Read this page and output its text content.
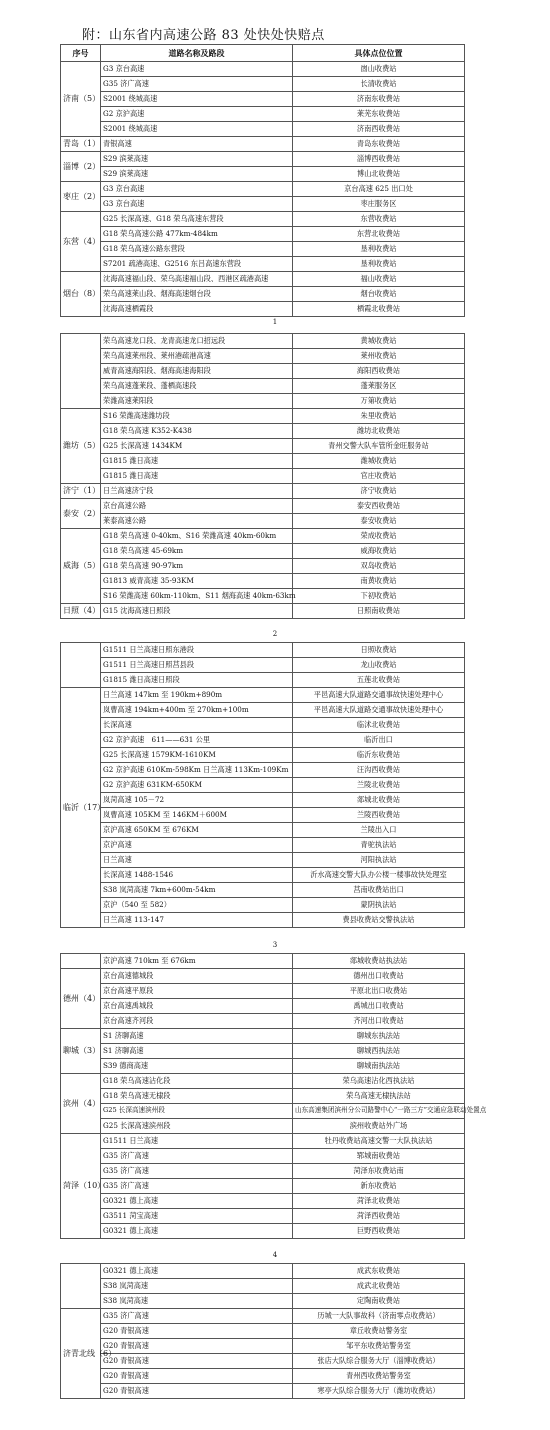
附：山东省内高速公路 83 处快处快赔点
序号	道路名称及路段	具体点位位置
济南（5）	G3 京台高速	崮山收费站
	G35 济广高速	长清收费站
	S2001 绕城高速	济南东收费站
	G2 京沪高速	莱芜东收费站
	S2001 绕城高速	济南西收费站
青岛（1）	青银高速	青岛东收费站
淄博（2）	S29 滨莱高速	淄博西收费站
	S29 滨莱高速	博山北收费站
枣庄（2）	G3 京台高速	京台高速 625 出口处
	G3 京台高速	枣庄服务区
东营（4）	G25 长深高速、G18 荣乌高速东营段	东营收费站
	G18 荣乌高速公路 477km-484km	东营北收费站
	G18 荣乌高速公路东营段	垦利收费站
	S7201 疏港高速、G2516 东吕高速东营段	垦利收费站
烟台（8）	沈海高速福山段、荣乌高速福山段、西港区疏港高速	福山收费站
	荣乌高速莱山段、烟海高速烟台段	烟台收费站
	沈海高速栖霞段	栖霞北收费站
1
	荣乌高速龙口段、龙青高速龙口招远段	黄城收费站
	荣乌高速莱州段、莱州港疏港高速	莱州收费站
	威青高速海阳段、烟海高速海阳段	海阳西收费站
	荣乌高速蓬莱段、蓬栖高速段	蓬莱服务区
	荣潍高速莱阳段	万第收费站
潍坊（5）	S16 荣潍高速潍坊段	朱里收费站
	G18 荣乌高速 K352-K438	潍坊北收费站
	G25 长深高速 1434KM	青州交警大队车管所金旺服务站
	G1815 潍日高速	潍城收费站
	G1815 潍日高速	官庄收费站
济宁（1）	日兰高速济宁段	济宁收费站
泰安（2）	京台高速公路	泰安西收费站
	莱泰高速公路	泰安收费站
威海（5）	G18 荣乌高速 0-40km、S16 荣潍高速 40km-60km	荣成收费站
	G18 荣乌高速 45-69km	威海收费站
	G18 荣乌高速 90-97km	双岛收费站
	G1813 威青高速 35-93KM	南黄收费站
	S16 荣潍高速 60km-110km、S11 烟海高速 40km-63km	下初收费站
日照（4）	G15 沈海高速日照段	日照南收费站
2
	G1511 日兰高速日照东港段	日照收费站
	G1511 日兰高速日照莒县段	龙山收费站
	G1815 潍日高速日照段	五莲北收费站
临沂（17）	日兰高速 147km 至 190km+890m	平邑高速大队道路交通事故快速处理中心
	岚曹高速 194km+400m 至 270km+100m	平邑高速大队道路交通事故快速处理中心
	长深高速	临沭北收费站
	G2 京沪高速　611——631 公里	临沂出口
	G25 长深高速 1579KM-1610KM	临沂东收费站
	G2 京沪高速 610Km-598Km 日兰高速 113Km-109Km	汪沟西收费站
	G2 京沪高速 631KM-650KM	兰陵北收费站
	岚菏高速 105－72	郯城北收费站
	岚曹高速 105KM 至 146KM＋600M	兰陵西收费站
	京沪高速 650KM 至 676KM	兰陵出入口
	京沪高速	青驼执法站
	日兰高速	河阳执法站
	长深高速 1488-1546	沂水高速交警大队办公楼一楼事故快处理室
	S38 岚菏高速 7km+600m-54km	莒南收费站出口
	京沪（540 至 582）	蒙阴执法站
	日兰高速 113-147	费县收费站交警执法站
3
	京沪高速 710km 至 676km	郯城收费站执法站
德州（4）	京台高速德城段	德州出口收费站
	京台高速平原段	平原北出口收费站
	京台高速禹城段	禹城出口收费站
	京台高速齐河段	齐河出口收费站
聊城（3）	S1 济聊高速	聊城东执法站
	S1 济聊高速	聊城西执法站
	S39 德商高速	聊城南执法站
滨州（4）	G18 荣乌高速沾化段	荣乌高速沾化西执法站
	G18 荣乌高速无棣段	荣乌高速无棣执法站
	G25 长深高速滨州段	山东高速集团滨州分公司路警中心“一路三方”交通应急联动处置点
	G25 长深高速滨州段	滨州收费站外广场
菏泽（10）	G1511 日兰高速	牡丹收费站高速交警一大队执法站
	G35 济广高速	郓城南收费站
	G35 济广高速	菏泽东收费站南
	G35 济广高速	新东收费站
	G0321 德上高速	菏泽北收费站
	G3511 菏宝高速	菏泽西收费站
	G0321 德上高速	巨野西收费站
4
	G0321 德上高速	成武东收费站
	S38 岚菏高速	成武北收费站
	S38 岚菏高速	定陶南收费站
济青北线（6）	G35 济广高速	历城一大队事故科（济南零点收费站）
	G20 青银高速	章丘收费站警务室
	G20 青银高速	邹平东收费站警务室
	G20 青银高速	张店大队综合服务大厅（淄博收费站）
	G20 青银高速	青州西收费站警务室
	G20 青银高速	寒亭大队综合服务大厅（潍坊收费站）
